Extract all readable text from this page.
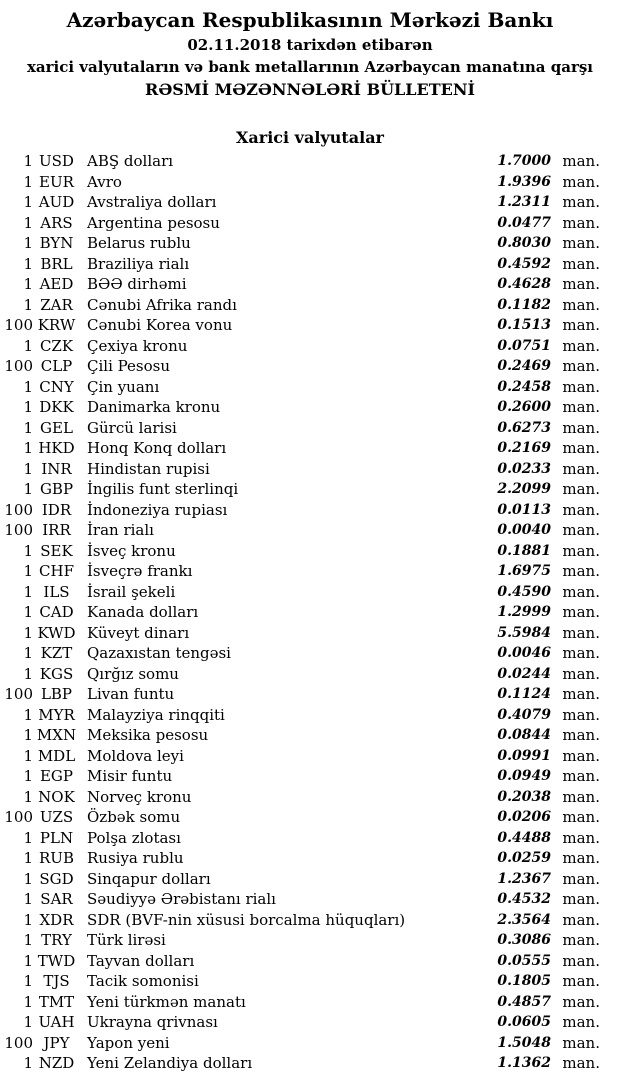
Azərbaycan Respublikasının Mərkəzi Bankı
02.11.2018 tarixdən etibarən
xarici valyutaların və bank metallarının Azərbaycan manatına qarşı
RƏSMİ MƏZƏNNƏLƏRİ BÜLLETENİ
Xarici valyutalar
1 USD ABŞ dolları	1.7000 man.
1 EUR Avro	1.9396 man.
1 AUD Avstraliya dolları	1.2311 man.
1 ARS Argentina pesosu	0.0477 man.
1 BYN Belarus rublu	0.8030 man.
1 BRL Braziliya rialı	0.4592 man.
1 AED BƏƏ dirhəmi	0.4628 man.
1 ZAR Cənubi Afrika randı	0.1182 man.
100 KRW Cənubi Korea vonu	0.1513 man.
1 CZK Çexiya kronu	0.0751 man.
100 CLP Çili Pesosu	0.2469 man.
1 CNY Çin yuanı	0.2458 man.
1 DKK Danimarka kronu	0.2600 man.
1 GEL Gürcü larisi	0.6273 man.
1 HKD Honq Konq dolları	0.2169 man.
1 INR	Hindistan rupisi	0.0233 man.
1 GBP İngilis funt sterlinqi	2.2099 man.
100 IDR	İndoneziya rupiası	0.0113 man.
100 IRR	İran rialı	0.0040 man.
1 SEK İsveç kronu	0.1881 man.
1 CHF İsveçrə frankı	1.6975 man.
1 ILS	İsrail şekeli	0.4590 man.
1 CAD Kanada dolları	1.2999 man.
1 KWD Küveyt dinarı	5.5984 man.
1 KZT Qazaxıstan tengəsi	0.0046 man.
1 KGS Qırğız somu	0.0244 man.
100 LBP Livan funtu	0.1124 man.
1 MYR Malayziya rinqqiti	0.4079 man.
1 MXN Meksika pesosu	0.0844 man.
1 MDL Moldova leyi	0.0991 man.
1 EGP Misir funtu	0.0949 man.
1 NOK Norveç kronu	0.2038 man.
100 UZS Özbək somu	0.0206 man.
1 PLN Polşa zlotası	0.4488 man.
1 RUB Rusiya rublu	0.0259 man.
1 SGD Sinqapur dolları	1.2367 man.
1 SAR Səudiyyə Ərəbistanı rialı	0.4532 man.
1 XDR SDR (BVF-nin xüsusi borcalma hüquqları)	2.3564 man.
1 TRY	Türk lirəsi	0.3086 man.
1 TWD Tayvan dolları	0.0555 man.
1 TJS	Tacik somonisi	0.1805 man.
1 TMT Yeni türkmən manatı	0.4857 man.
1 UAH Ukrayna qrivnası	0.0605 man.
100 JPY	Yapon yeni	1.5048 man.
1 NZD Yeni Zelandiya dolları	1.1362 man.
